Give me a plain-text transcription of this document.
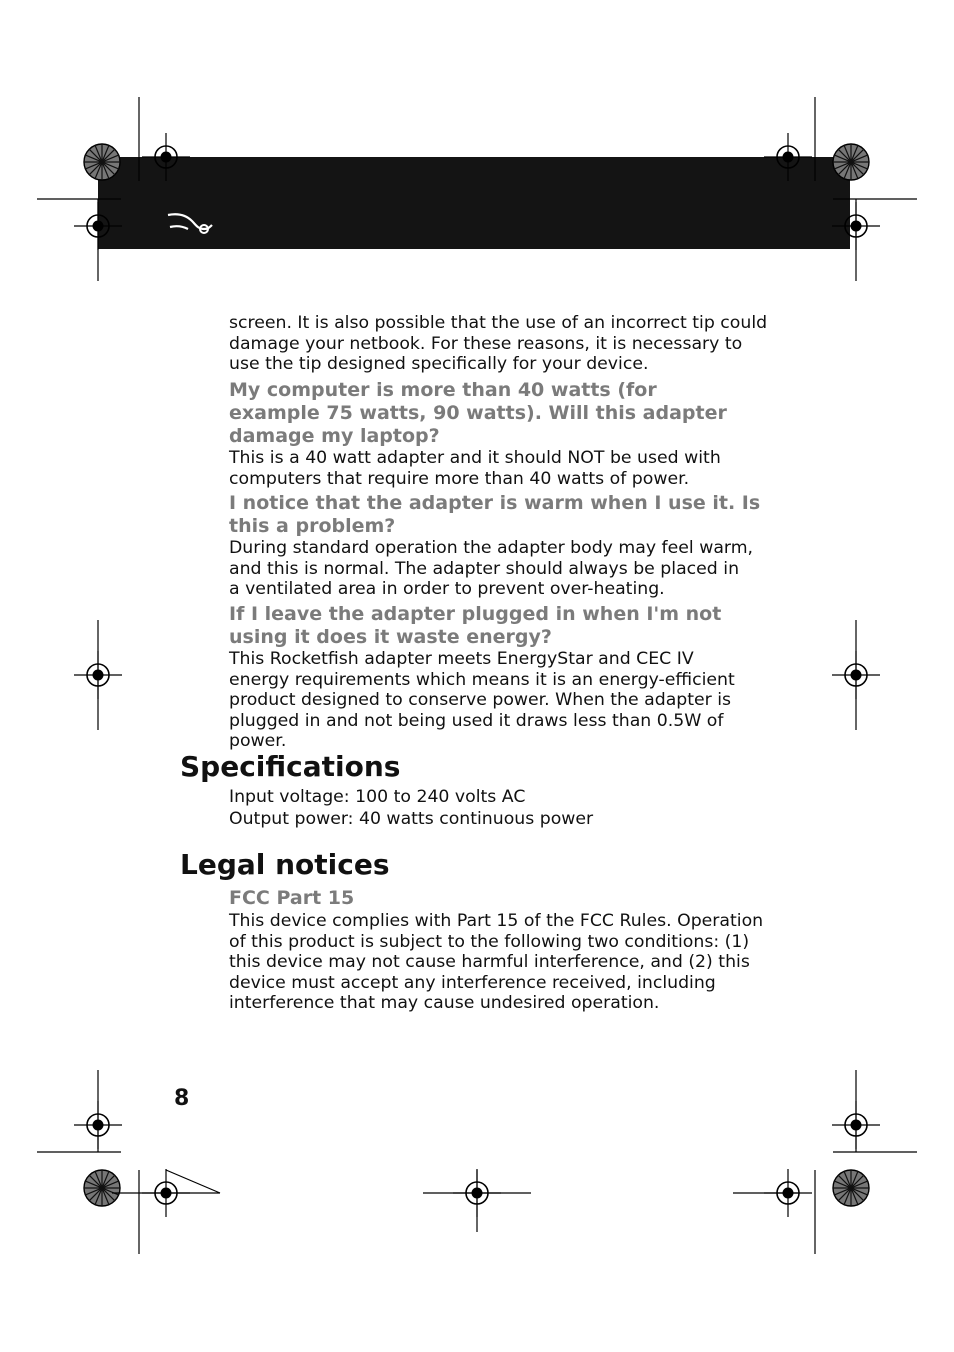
screen. It is also possible that the use of an incorrect tip could damage your netbook. For these reasons, it is necessary to use the tip designed specifically for your device.

My computer is more than 40 watts (for example 75 watts, 90 watts). Will this adapter damage my laptop?

This is a 40 watt adapter and it should NOT be used with computers that require more than 40 watts of power.

I notice that the adapter is warm when I use it. Is this a problem?

During standard operation the adapter body may feel warm, and this is normal. The adapter should always be placed in a ventilated area in order to prevent over-heating.

If I leave the adapter plugged in when I'm not using it does it waste energy?

This Rocketfish adapter meets EnergyStar and CEC IV energy requirements which means it is an energy-efficient product designed to conserve power. When the adapter is plugged in and not being used it draws less than 0.5W of power.

Specifications

Input voltage: 100 to 240 volts AC

Output power: 40 watts continuous power

Legal notices

FCC Part 15

This device complies with Part 15 of the FCC Rules. Operation of this product is subject to the following two conditions: (1) this device may not cause harmful interference, and (2) this device must accept any interference received, including interference that may cause undesired operation.

8
